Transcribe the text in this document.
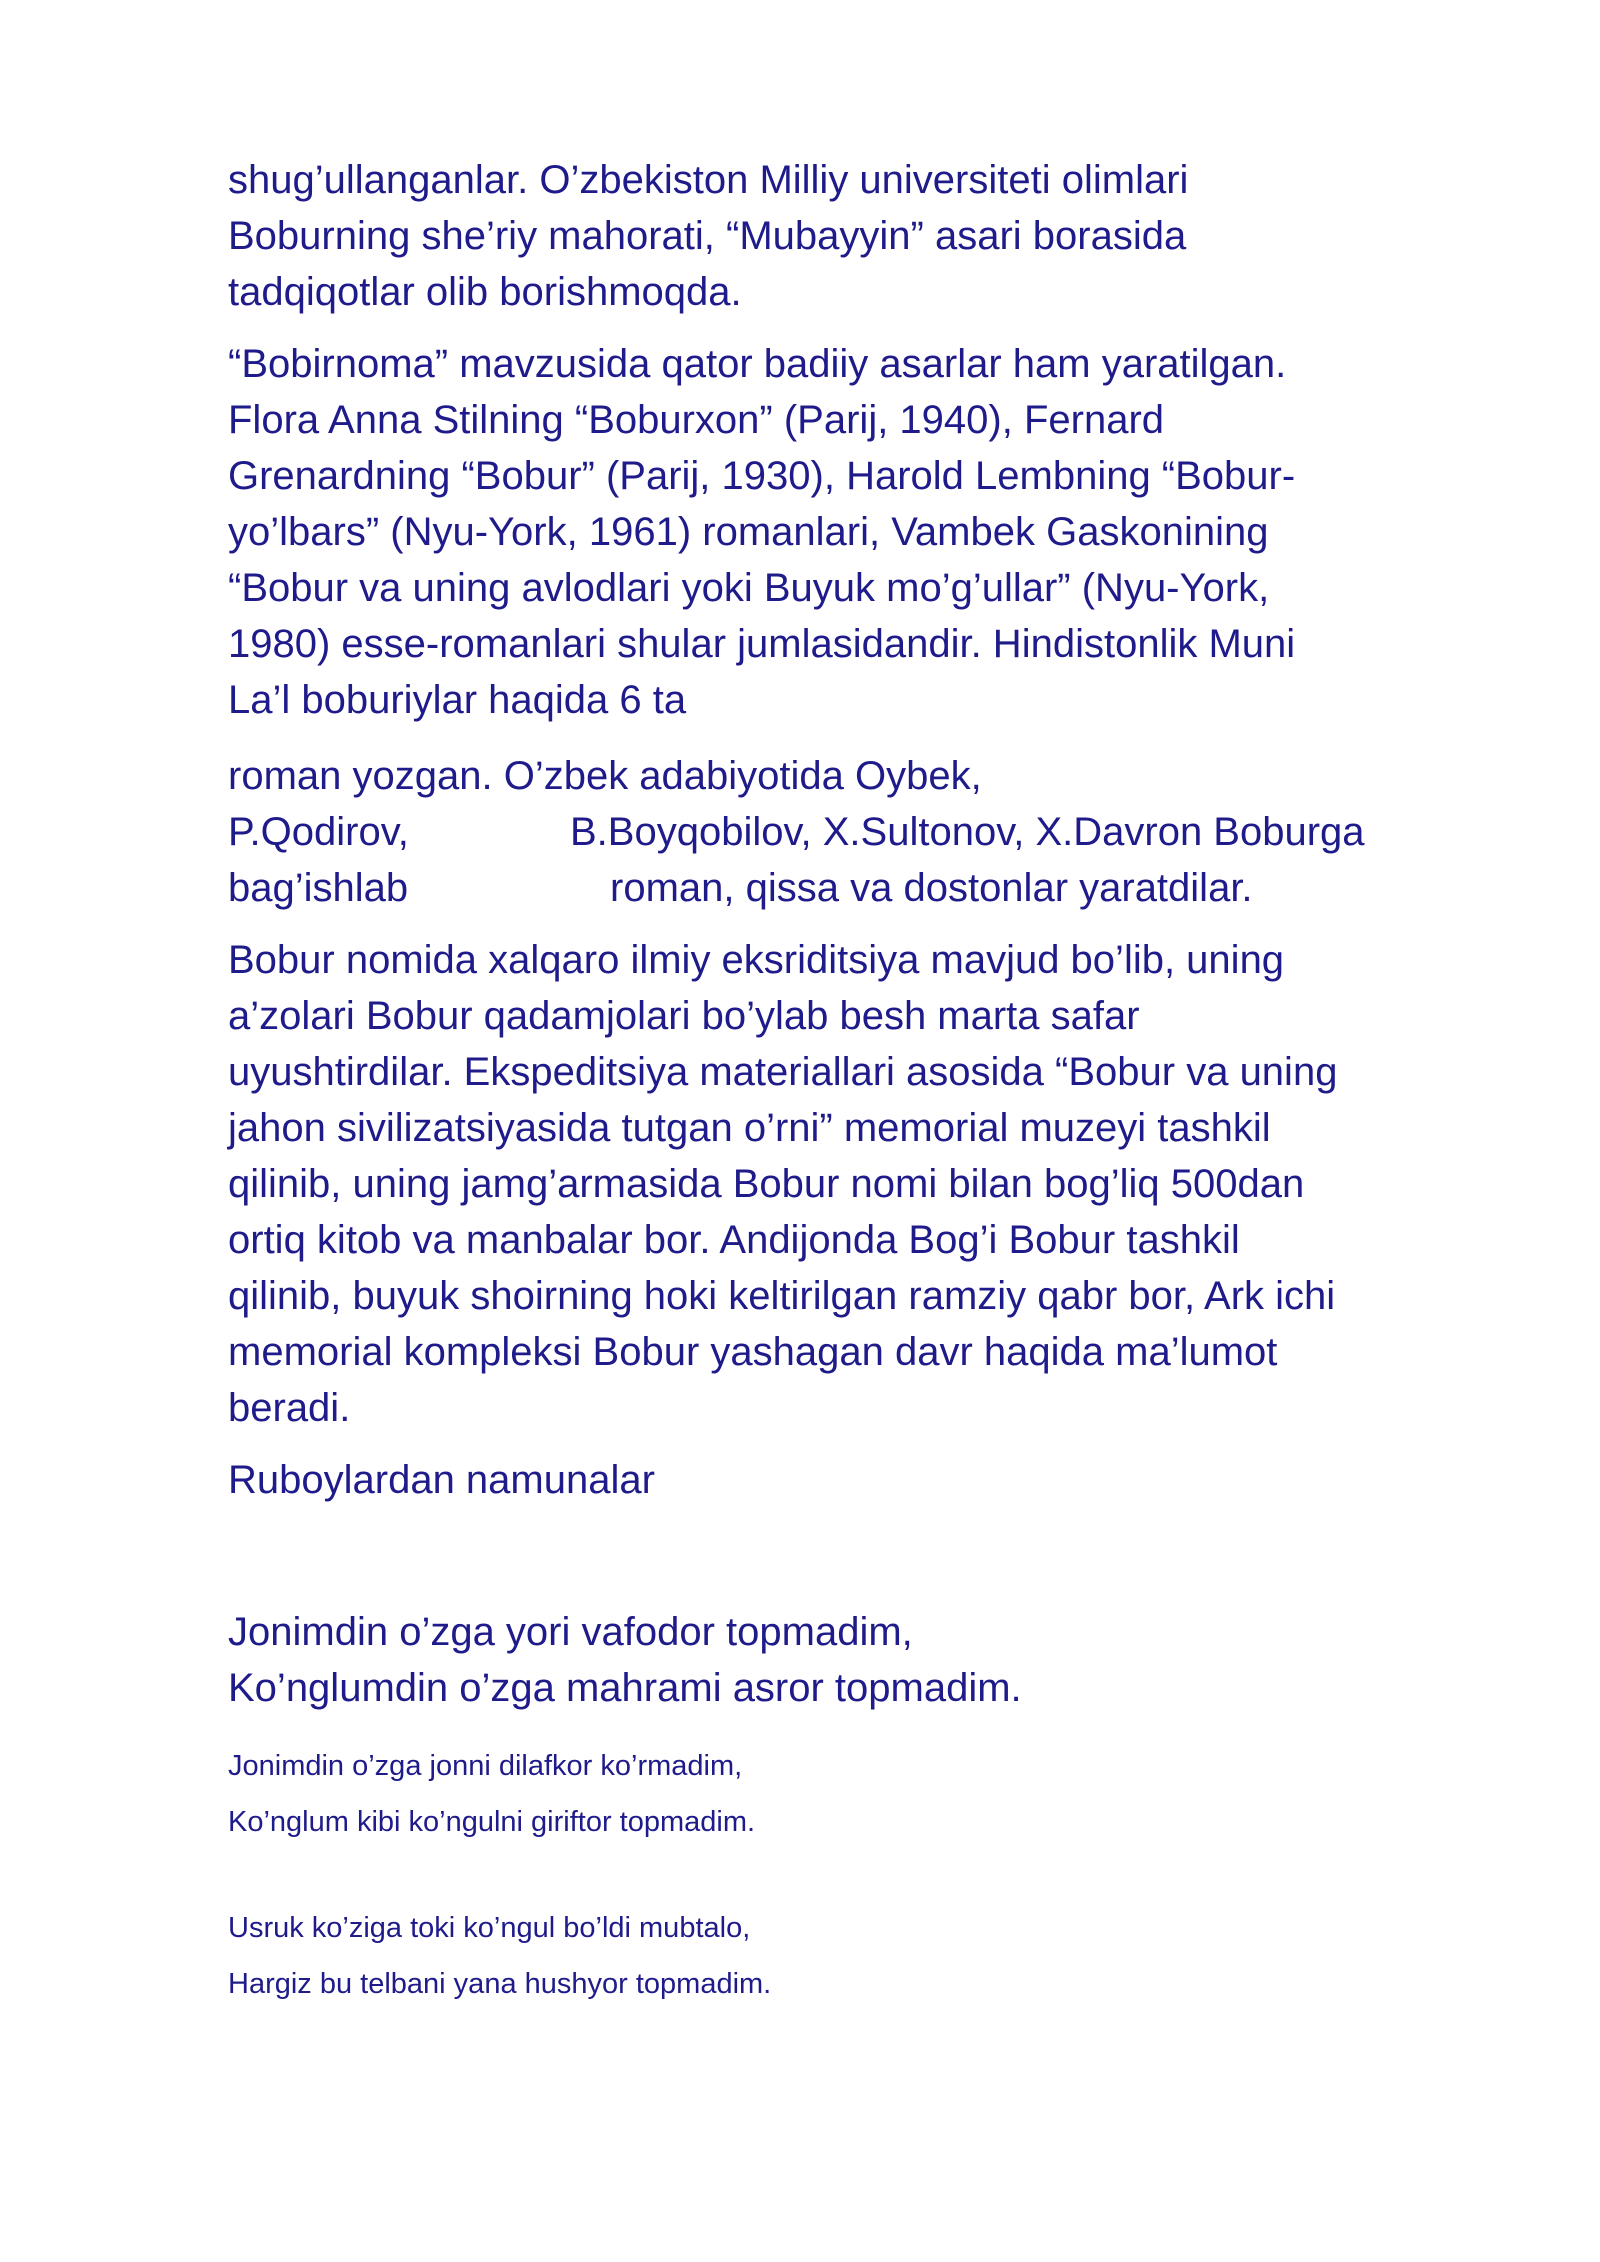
shug’ullanganlar. O’zbekiston Milliy universiteti olimlari
Boburning she’riy mahorati, “Mubayyin” asari borasida
tadqiqotlar olib borishmoqda.
“Bobirnoma” mavzusida qator badiiy asarlar ham yaratilgan.
Flora Anna Stilning “Boburxon” (Parij, 1940), Fernard
Grenardning “Bobur” (Parij, 1930), Harold Lembning “Bobur-
yo’lbars” (Nyu-York, 1961) romanlari, Vambek Gaskonining
“Bobur va uning avlodlari yoki Buyuk mo’g’ullar” (Nyu-York,
1980) esse-romanlari shular jumlasidandir. Hindistonlik Muni
La’l boburiylar haqida 6 ta
roman yozgan. O’zbek adabiyotida Oybek,
P.Qodirov,	B.Boyqobilov, X.Sultonov, X.Davron Boburga
bag’ishlab	roman, qissa va dostonlar yaratdilar.
Bobur nomida xalqaro ilmiy eksriditsiya mavjud bo’lib, uning
a’zolari Bobur qadamjolari bo’ylab besh marta safar
uyushtirdilar. Ekspeditsiya materiallari asosida “Bobur va uning
jahon sivilizatsiyasida tutgan o’rni” memorial muzeyi tashkil
qilinib, uning jamg’armasida Bobur nomi bilan bog’liq 500dan
ortiq kitob va manbalar bor. Andijonda Bog’i Bobur tashkil
qilinib, buyuk shoirning hoki keltirilgan ramziy qabr bor, Ark ichi
memorial kompleksi Bobur yashagan davr haqida ma’lumot
beradi.
Ruboylardan namunalar
Jonimdin o’zga yori vafodor topmadim,
Ko’nglumdin o’zga mahrami asror topmadim.
Jonimdin o’zga jonni dilafkor ko’rmadim,
Ko’nglum kibi ko’ngulni giriftor topmadim.
Usruk ko’ziga toki ko’ngul bo’ldi mubtalo,
Hargiz bu telbani yana hushyor topmadim.
